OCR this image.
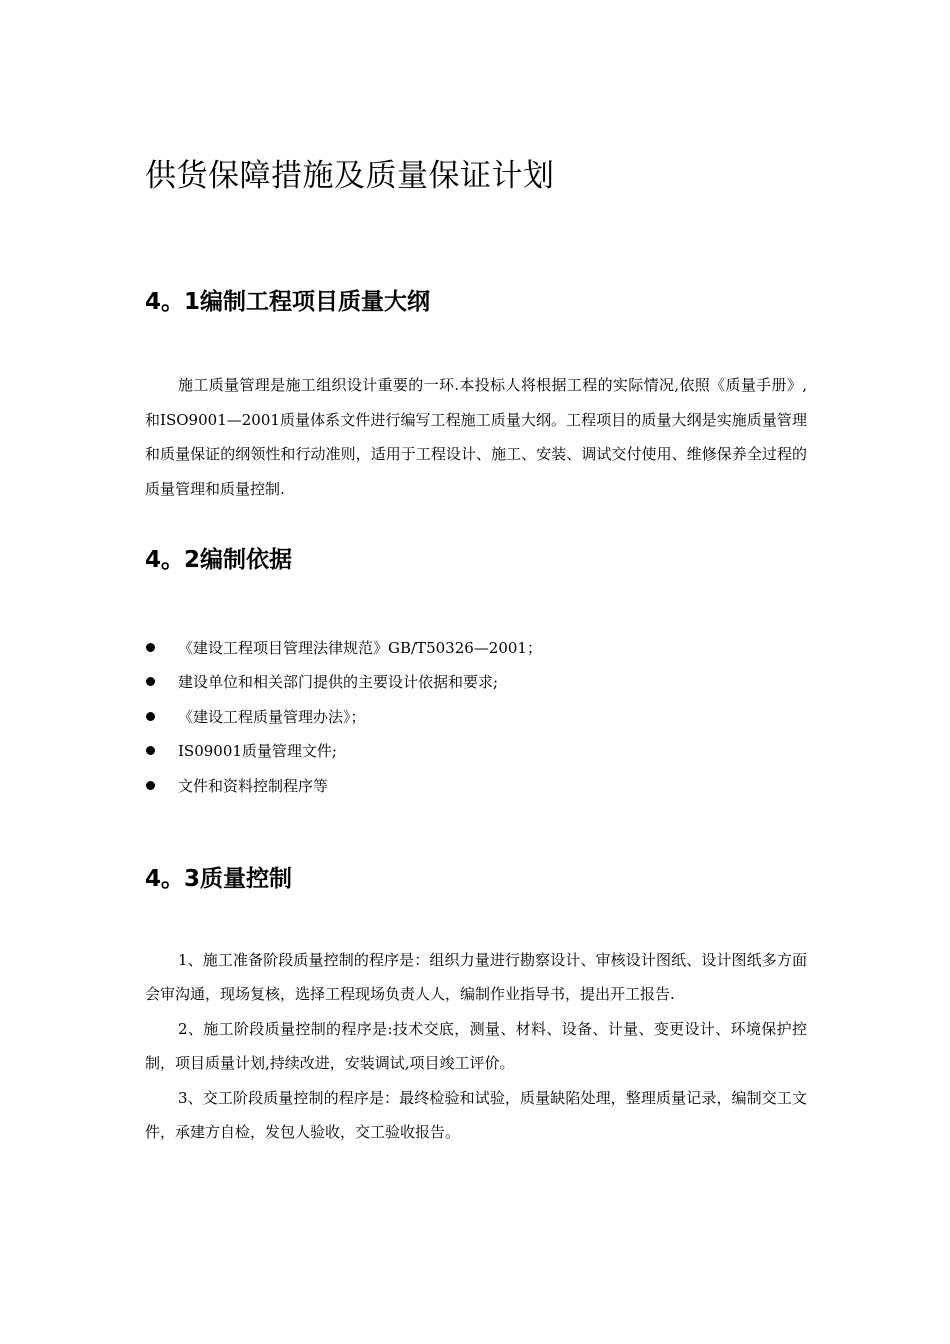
供货保障措施及质量保证计划
4。1编制工程项目质量大纲

施工质量管理是施工组织设计重要的一环.本投标人将根据工程的实际情况,依照《质量手册》,和ISO9001—2001质量体系文件进行编写工程施工质量大纲。工程项目的质量大纲是实施质量管理和质量保证的纲领性和行动准则，适用于工程设计、施工、安装、调试交付使用、维修保养全过程的质量管理和质量控制.

4。2编制依据
《建设工程项目管理法律规范》GB/T50326—2001；
建设单位和相关部门提供的主要设计依据和要求;
《建设工程质量管理办法》；
IS09001质量管理文件;
文件和资料控制程序等
4。3质量控制

1、施工准备阶段质量控制的程序是：组织力量进行勘察设计、审核设计图纸、设计图纸多方面会审沟通，现场复核，选择工程现场负责人人，编制作业指导书，提出开工报告.

2、施工阶段质量控制的程序是:技术交底，测量、材料、设备、计量、变更设计、环境保护控制，项目质量计划,持续改进，安装调试,项目竣工评价。

3、交工阶段质量控制的程序是：最终检验和试验，质量缺陷处理，整理质量记录，编制交工文件，承建方自检，发包人验收，交工验收报告。
